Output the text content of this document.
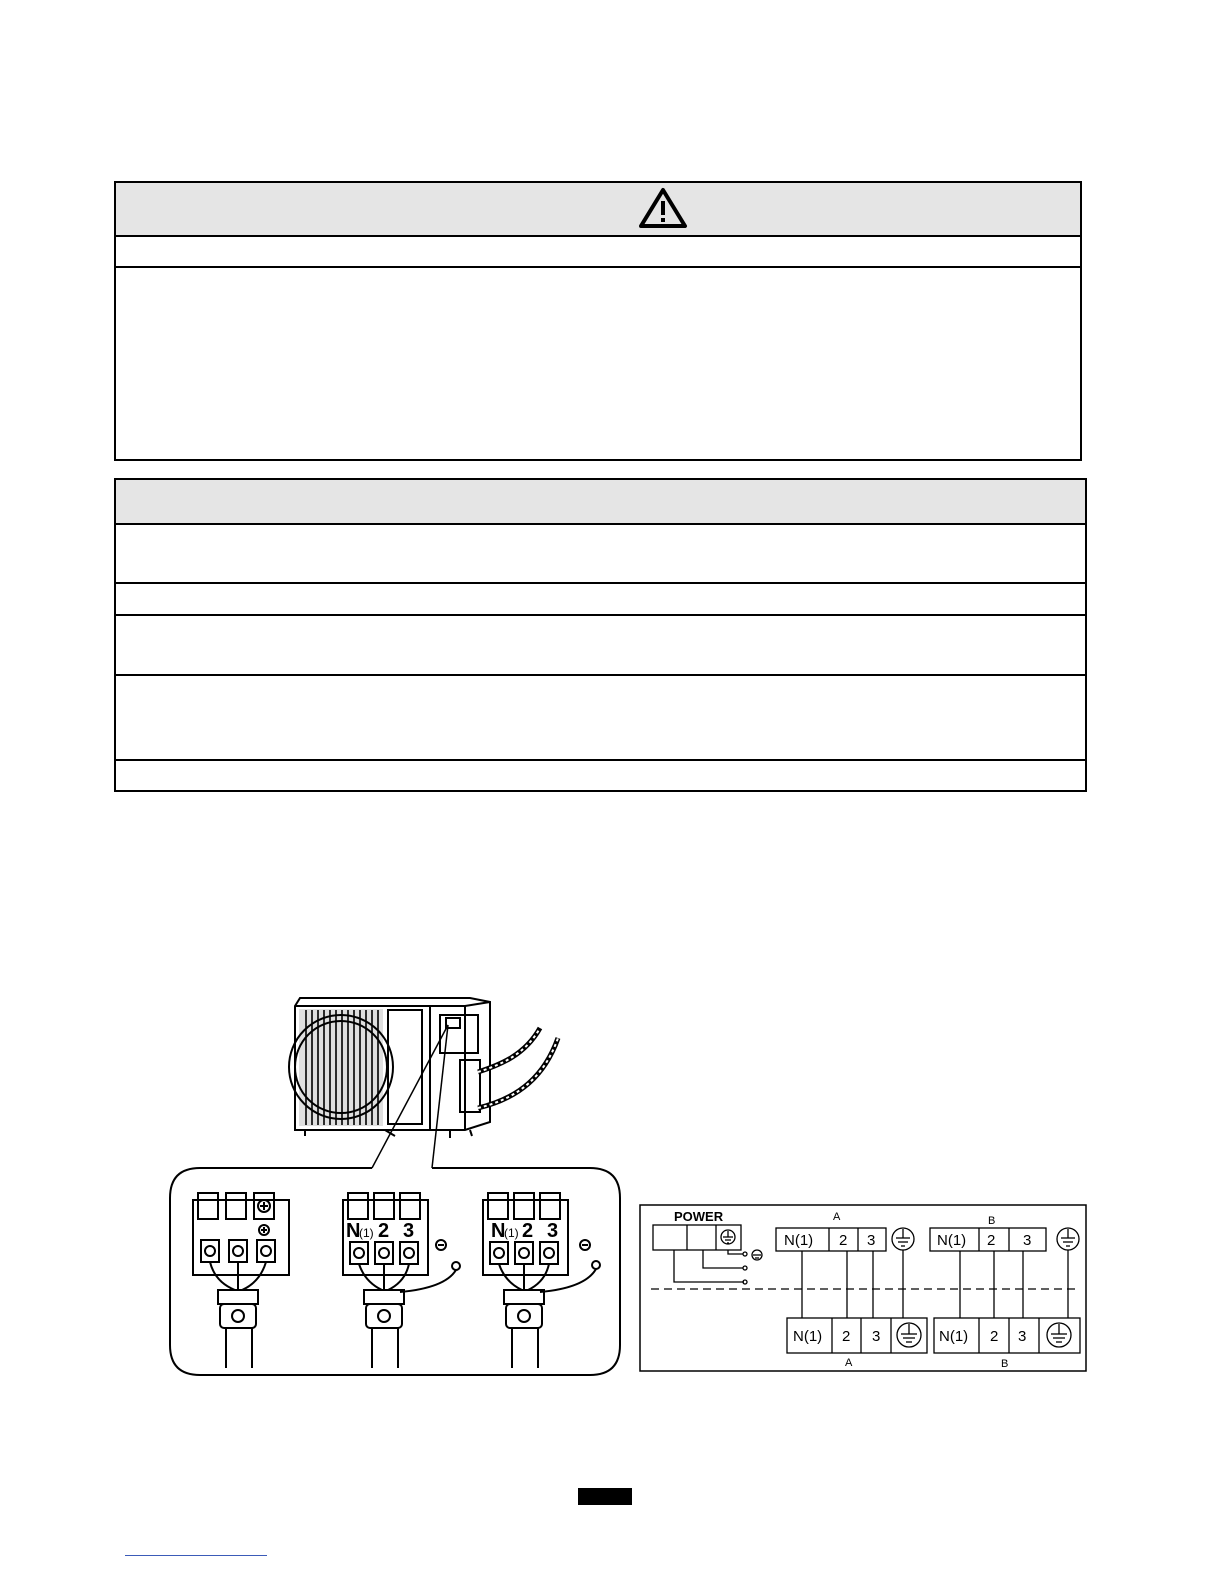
N
(1) 2 3	N
(1) 2 3
POWER	A	B
N(1) 2 3	N(1) 2 3
N(1) 2 3	N(1) 2 3
A	B
